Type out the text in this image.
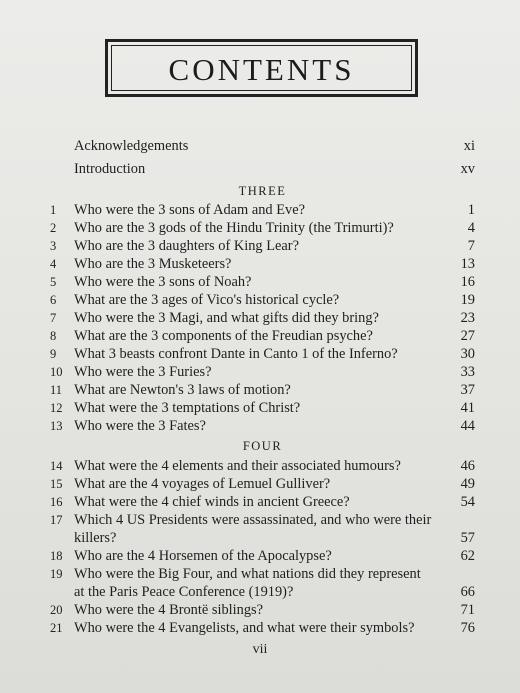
CONTENTS
Acknowledgements	xi
Introduction	xv
THREE
1	Who were the 3 sons of Adam and Eve?	1
2	Who are the 3 gods of the Hindu Trinity (the Trimurti)?	4
3	Who are the 3 daughters of King Lear?	7
4	Who are the 3 Musketeers?	13
5	Who were the 3 sons of Noah?	16
6	What are the 3 ages of Vico's historical cycle?	19
7	Who were the 3 Magi, and what gifts did they bring?	23
8	What are the 3 components of the Freudian psyche?	27
9	What 3 beasts confront Dante in Canto 1 of the Inferno?	30
10 Who were the 3 Furies?	33
11 What are Newton's 3 laws of motion?	37
12 What were the 3 temptations of Christ?	41
13 Who were the 3 Fates?	44
FOUR
14 What were the 4 elements and their associated humours?	46
15 What are the 4 voyages of Lemuel Gulliver?	49
16 What were the 4 chief winds in ancient Greece?	54
17 Which 4 US Presidents were assassinated, and who were their
killers?	57
18 Who are the 4 Horsemen of the Apocalypse?	62
19 Who were the Big Four, and what nations did they represent
at the Paris Peace Conference (1919)?	66
20 Who were the 4 Brontë siblings?	71
21 Who were the 4 Evangelists, and what were their symbols?	76
vii
